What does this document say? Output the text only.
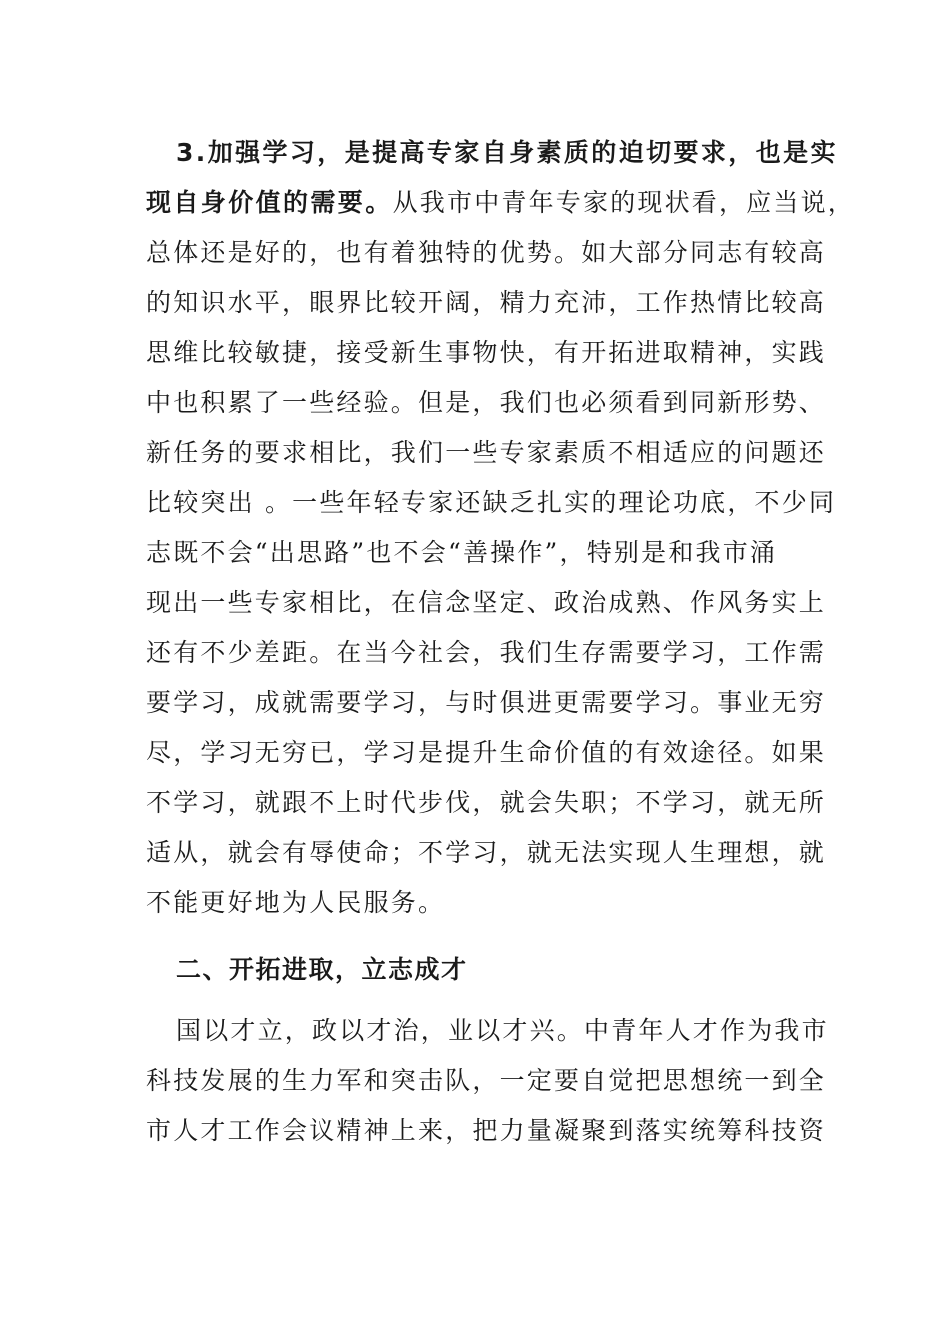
3.加强学习，是提高专家自身素质的迫切要求，也是实
现自身价值的需要。从我市中青年专家的现状看，应当说，
总体还是好的，也有着独特的优势。如大部分同志有较高
的知识水平，眼界比较开阔，精力充沛，工作热情比较高
思维比较敏捷，接受新生事物快，有开拓进取精神，实践
中也积累了一些经验。但是，我们也必须看到同新形势、
新任务的要求相比，我们一些专家素质不相适应的问题还
比较突出 。一些年轻专家还缺乏扎实的理论功底，不少同
志既不会“出思路”也不会“善操作”，特别是和我市涌
现出一些专家相比，在信念坚定、政治成熟、作风务实上
还有不少差距。在当今社会，我们生存需要学习，工作需
要学习，成就需要学习，与时俱进更需要学习。事业无穷
尽，学习无穷已，学习是提升生命价值的有效途径。如果
不学习，就跟不上时代步伐，就会失职；不学习，就无所
适从，就会有辱使命；不学习，就无法实现人生理想，就
不能更好地为人民服务。
二、开拓进取，立志成才
国以才立，政以才治，业以才兴。中青年人才作为我市
科技发展的生力军和突击队，一定要自觉把思想统一到全
市人才工作会议精神上来，把力量凝聚到落实统筹科技资
